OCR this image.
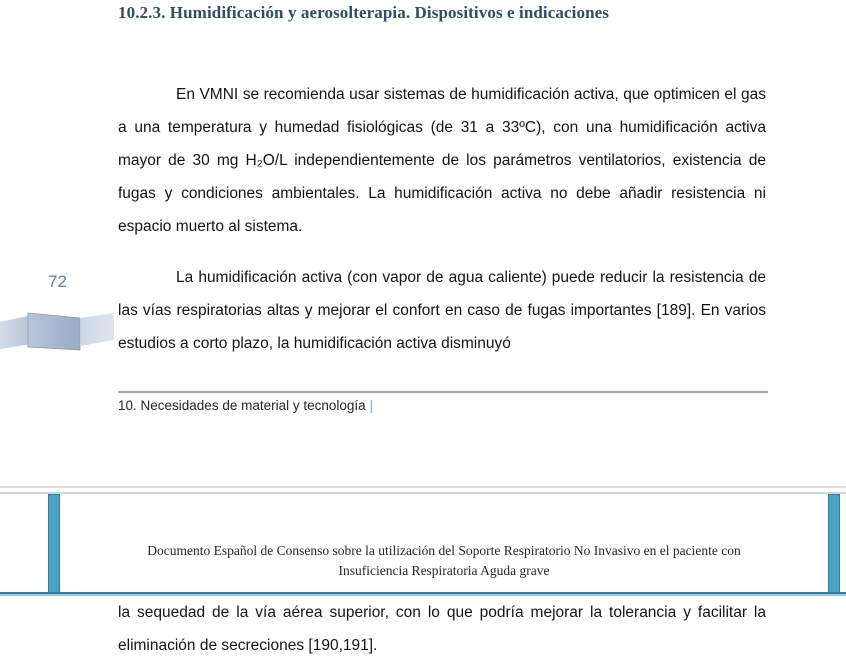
10.2.3. Humidificación y aerosolterapia. Dispositivos e indicaciones
En VMNI se recomienda usar sistemas de humidificación activa, que optimicen el gas a una temperatura y humedad fisiológicas (de 31 a 33ºC), con una humidificación activa mayor de 30 mg H₂O/L independientemente de los parámetros ventilatorios, existencia de fugas y condiciones ambientales. La humidificación activa no debe añadir resistencia ni espacio muerto al sistema.
La humidificación activa (con vapor de agua caliente) puede reducir la resistencia de las vías respiratorias altas y mejorar el confort en caso de fugas importantes [189]. En varios estudios a corto plazo, la humidificación activa disminuyó
72
10. Necesidades de material y tecnología |
Documento Español de Consenso sobre la utilización del Soporte Respiratorio No Invasivo en el paciente con Insuficiencia Respiratoria Aguda grave
la sequedad de la vía aérea superior, con lo que podría mejorar la tolerancia y facilitar la eliminación de secreciones [190,191].
